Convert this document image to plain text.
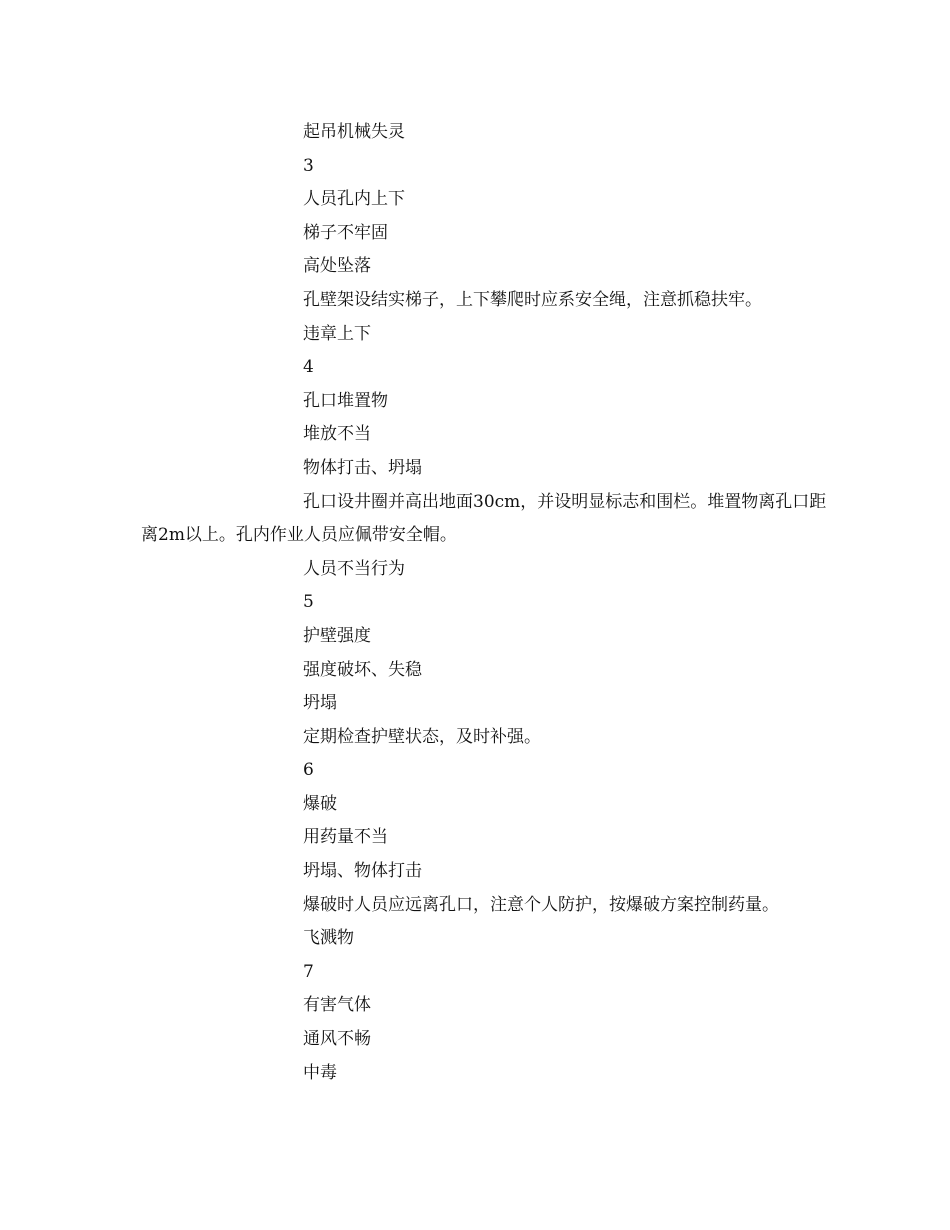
起吊机械失灵
3
人员孔内上下
梯子不牢固
高处坠落
孔壁架设结实梯子，上下攀爬时应系安全绳，注意抓稳扶牢。
违章上下
4
孔口堆置物
堆放不当
物体打击、坍塌
孔口设井圈并高出地面30cm，并设明显标志和围栏。堆置物离孔口距离2m以上。孔内作业人员应佩带安全帽。
人员不当行为
5
护壁强度
强度破坏、失稳
坍塌
定期检查护壁状态，及时补强。
6
爆破
用药量不当
坍塌、物体打击
爆破时人员应远离孔口，注意个人防护，按爆破方案控制药量。
飞溅物
7
有害气体
通风不畅
中毒
